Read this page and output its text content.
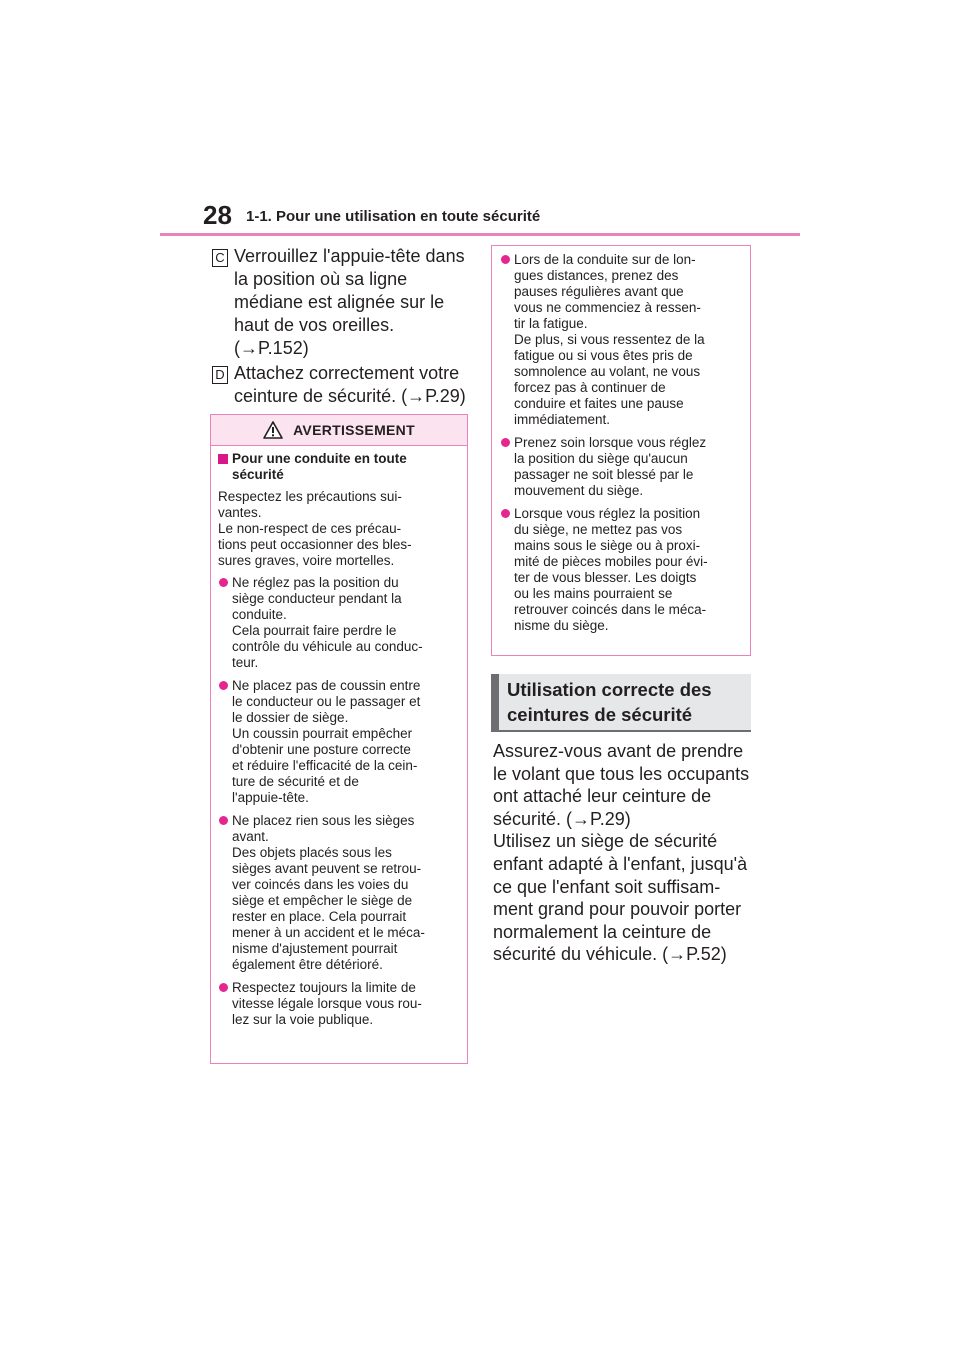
28 1-1. Pour une utilisation en toute sécurité
C Verrouillez l'appuie-tête dans
la position où sa ligne
médiane est alignée sur le
haut de vos oreilles.
(→P.152)
D Attachez correctement votre
ceinture de sécurité. (→P.29)
AVERTISSEMENT
Pour une conduite en toute
sécurité
Respectez les précautions sui-
vantes.
Le non-respect de ces précau-
tions peut occasionner des bles-
sures graves, voire mortelles.
Ne réglez pas la position du
siège conducteur pendant la
conduite.
Cela pourrait faire perdre le
contrôle du véhicule au conduc-
teur.
Ne placez pas de coussin entre
le conducteur ou le passager et
le dossier de siège.
Un coussin pourrait empêcher
d'obtenir une posture correcte
et réduire l'efficacité de la cein-
ture de sécurité et de
l'appuie-tête.
Ne placez rien sous les sièges
avant.
Des objets placés sous les
sièges avant peuvent se retrou-
ver coincés dans les voies du
siège et empêcher le siège de
rester en place. Cela pourrait
mener à un accident et le méca-
nisme d'ajustement pourrait
également être détérioré.
Respectez toujours la limite de
vitesse légale lorsque vous rou-
lez sur la voie publique.
Lors de la conduite sur de lon-
gues distances, prenez des
pauses régulières avant que
vous ne commenciez à ressen-
tir la fatigue.
De plus, si vous ressentez de la
fatigue ou si vous êtes pris de
somnolence au volant, ne vous
forcez pas à continuer de
conduire et faites une pause
immédiatement.
Prenez soin lorsque vous réglez
la position du siège qu'aucun
passager ne soit blessé par le
mouvement du siège.
Lorsque vous réglez la position
du siège, ne mettez pas vos
mains sous le siège ou à proxi-
mité de pièces mobiles pour évi-
ter de vous blesser. Les doigts
ou les mains pourraient se
retrouver coincés dans le méca-
nisme du siège.
Utilisation correcte des
ceintures de sécurité
Assurez-vous avant de prendre
le volant que tous les occupants
ont attaché leur ceinture de
sécurité. (→P.29)
Utilisez un siège de sécurité
enfant adapté à l'enfant, jusqu'à
ce que l'enfant soit suffisam-
ment grand pour pouvoir porter
normalement la ceinture de
sécurité du véhicule. (→P.52)
